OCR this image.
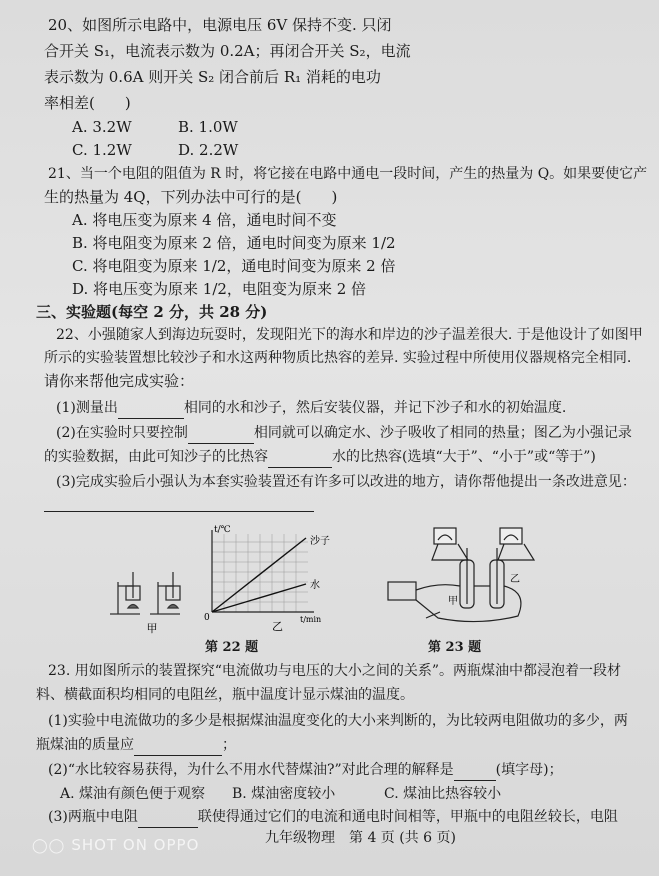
20、如图所示电路中，电源电压 6V 保持不变. 只闭
合开关 S₁，电流表示数为 0.2A；再闭合开关 S₂，电流
表示数为 0.6A 则开关 S₂ 闭合前后 R₁ 消耗的电功
率相差(　　)
A. 3.2W	B. 1.0W
C. 1.2W	D. 2.2W
21、当一个电阻的阻值为 R 时，将它接在电路中通电一段时间，产生的热量为 Q。如果要使它产
生的热量为 4Q，下列办法中可行的是(　　)
A. 将电压变为原来 4 倍，通电时间不变
B. 将电阻变为原来 2 倍，通电时间变为原来 1/2
C. 将电阻变为原来 1/2，通电时间变为原来 2 倍
D. 将电压变为原来 1/2，电阻变为原来 2 倍
三、实验题(每空 2 分，共 28 分)
22、小强随家人到海边玩耍时，发现阳光下的海水和岸边的沙子温差很大. 于是他设计了如图甲
所示的实验装置想比较沙子和水这两种物质比热容的差异. 实验过程中所使用仪器规格完全相同.
请你来帮他完成实验：
(1)测量出	相同的水和沙子，然后安装仪器，并记下沙子和水的初始温度.
(2)在实验时只要控制	相同就可以确定水、沙子吸收了相同的热量；图乙为小强记录
的实验数据，由此可知沙子的比热容	水的比热容(选填“大于”、“小于”或“等于”)
(3)完成实验后小强认为本套实验装置还有许多可以改进的地方，请你帮他提出一条改进意见：
甲
t/℃
t/min
0
沙子
水
乙
第 22 题
甲
乙
第 23 题
23. 用如图所示的装置探究“电流做功与电压的大小之间的关系”。两瓶煤油中都浸泡着一段材
料、横截面积均相同的电阻丝，瓶中温度计显示煤油的温度。
(1)实验中电流做功的多少是根据煤油温度变化的大小来判断的，为比较两电阻做功的多少，两
瓶煤油的质量应	；
(2)“水比较容易获得，为什么不用水代替煤油?”对此合理的解释是	(填字母)；
A. 煤油有颜色便于观察 B. 煤油密度较小	C. 煤油比热容较小
(3)两瓶中电阻	联使得通过它们的电流和通电时间相等，甲瓶中的电阻丝较长，电阻
九年级物理　第 4 页 (共 6 页)
◯◯ SHOT ON OPPO
